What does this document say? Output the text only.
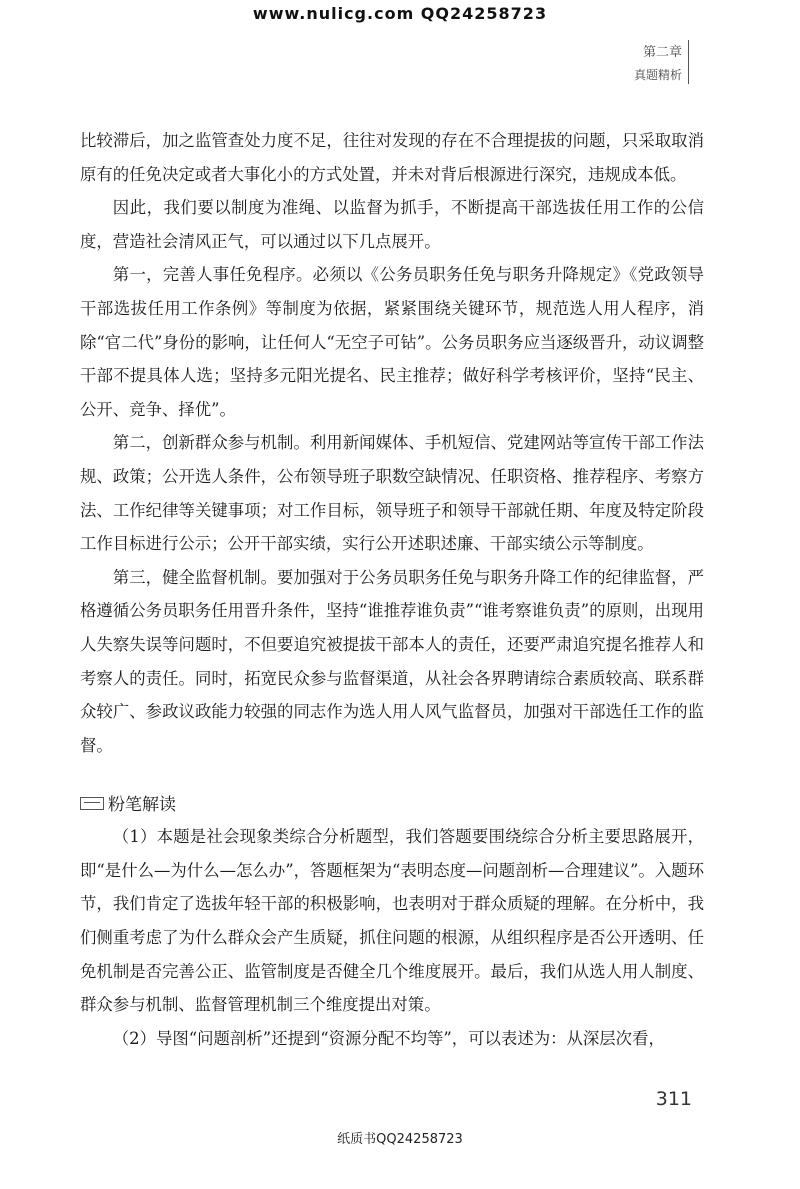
www.nulicg.com QQ24258723
第二章
真题精析

比较滞后，加之监管查处力度不足，往往对发现的存在不合理提拔的问题，只采取取消原有的任免决定或者大事化小的方式处置，并未对背后根源进行深究，违规成本低。

因此，我们要以制度为准绳、以监督为抓手，不断提高干部选拔任用工作的公信度，营造社会清风正气，可以通过以下几点展开。

第一，完善人事任免程序。必须以《公务员职务任免与职务升降规定》《党政领导干部选拔任用工作条例》等制度为依据，紧紧围绕关键环节，规范选人用人程序，消除“官二代”身份的影响，让任何人“无空子可钻”。公务员职务应当逐级晋升，动议调整干部不提具体人选；坚持多元阳光提名、民主推荐；做好科学考核评价，坚持“民主、公开、竞争、择优”。

第二，创新群众参与机制。利用新闻媒体、手机短信、党建网站等宣传干部工作法规、政策；公开选人条件，公布领导班子职数空缺情况、任职资格、推荐程序、考察方法、工作纪律等关键事项；对工作目标，领导班子和领导干部就任期、年度及特定阶段工作目标进行公示；公开干部实绩，实行公开述职述廉、干部实绩公示等制度。

第三，健全监督机制。要加强对于公务员职务任免与职务升降工作的纪律监督，严格遵循公务员职务任用晋升条件，坚持“谁推荐谁负责”“谁考察谁负责”的原则，出现用人失察失误等问题时，不但要追究被提拔干部本人的责任，还要严肃追究提名推荐人和考察人的责任。同时，拓宽民众参与监督渠道，从社会各界聘请综合素质较高、联系群众较广、参政议政能力较强的同志作为选人用人风气监督员，加强对干部选任工作的监督。

粉笔解读

（1）本题是社会现象类综合分析题型，我们答题要围绕综合分析主要思路展开，即“是什么—为什么—怎么办”，答题框架为“表明态度—问题剖析—合理建议”。入题环节，我们肯定了选拔年轻干部的积极影响，也表明对于群众质疑的理解。在分析中，我们侧重考虑了为什么群众会产生质疑，抓住问题的根源，从组织程序是否公开透明、任免机制是否完善公正、监管制度是否健全几个维度展开。最后，我们从选人用人制度、群众参与机制、监督管理机制三个维度提出对策。

（2）导图“问题剖析”还提到“资源分配不均等”，可以表述为：从深层次看，

311
纸质书QQ24258723
